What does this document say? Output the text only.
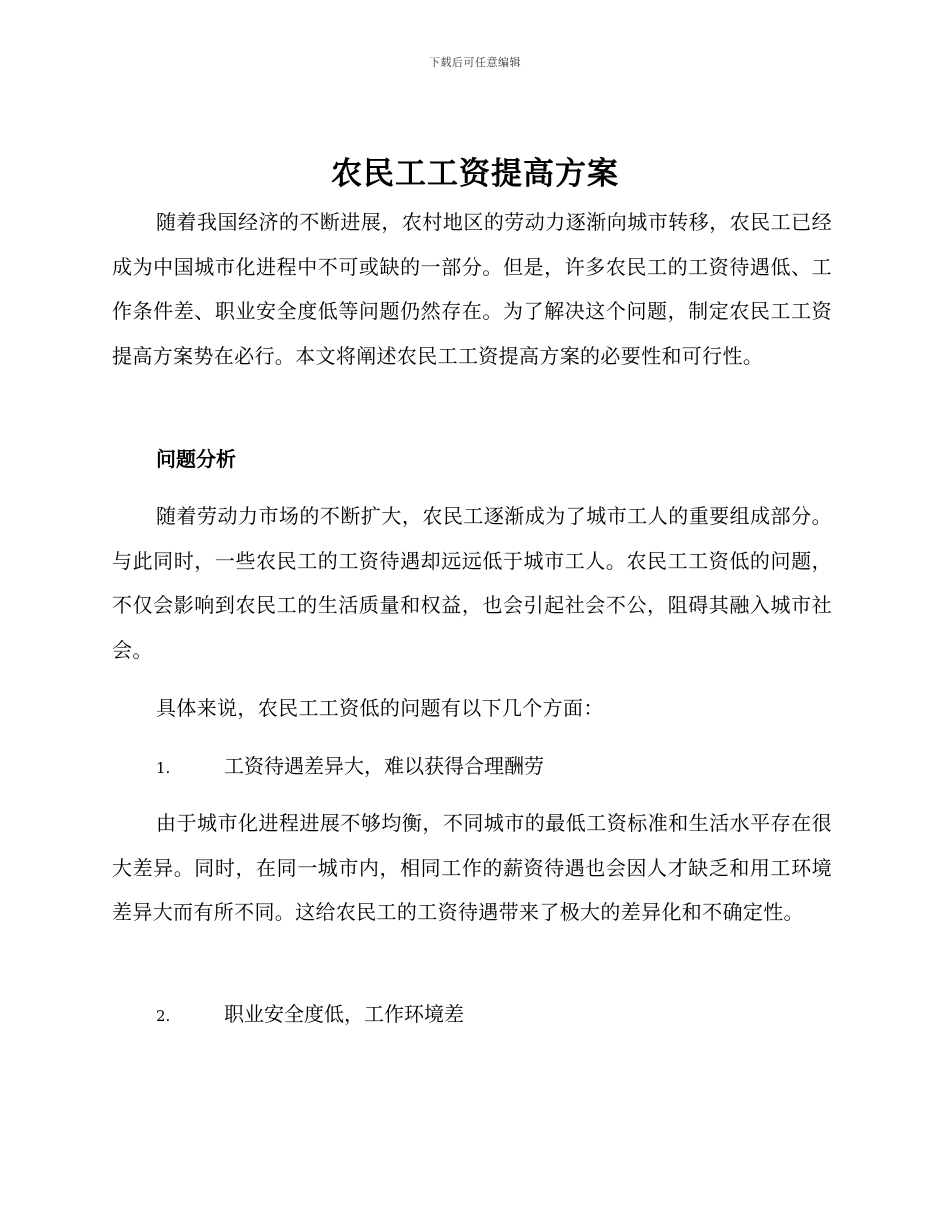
下载后可任意编辑
农民工工资提高方案

随着我国经济的不断进展，农村地区的劳动力逐渐向城市转移，农民工已经成为中国城市化进程中不可或缺的一部分。但是，许多农民工的工资待遇低、工作条件差、职业安全度低等问题仍然存在。为了解决这个问题，制定农民工工资提高方案势在必行。本文将阐述农民工工资提高方案的必要性和可行性。

问题分析

随着劳动力市场的不断扩大，农民工逐渐成为了城市工人的重要组成部分。与此同时，一些农民工的工资待遇却远远低于城市工人。农民工工资低的问题，不仅会影响到农民工的生活质量和权益，也会引起社会不公，阻碍其融入城市社会。

具体来说，农民工工资低的问题有以下几个方面：

1.	工资待遇差异大，难以获得合理酬劳

由于城市化进程进展不够均衡，不同城市的最低工资标准和生活水平存在很大差异。同时，在同一城市内，相同工作的薪资待遇也会因人才缺乏和用工环境差异大而有所不同。这给农民工的工资待遇带来了极大的差异化和不确定性。

2.	职业安全度低，工作环境差
